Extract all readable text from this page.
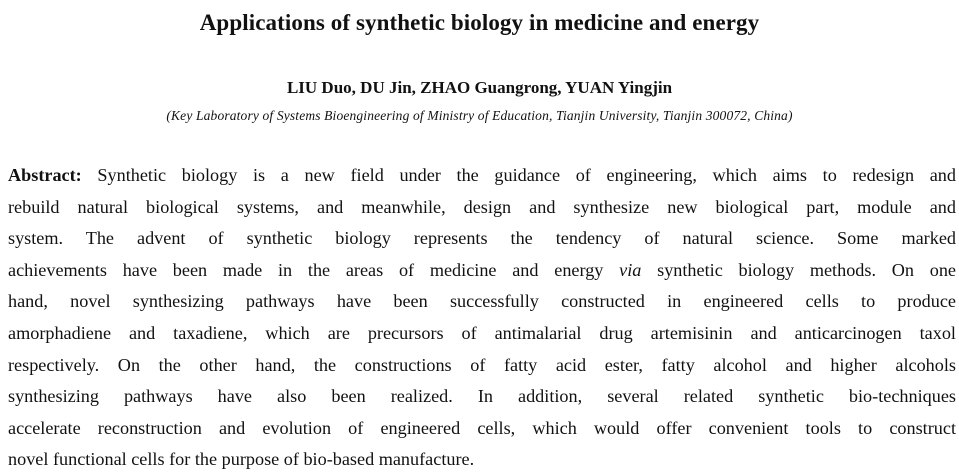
Applications of synthetic biology in medicine and energy

LIU Duo, DU Jin, ZHAO Guangrong, YUAN Yingjin

(Key Laboratory of Systems Bioengineering of Ministry of Education, Tianjin University, Tianjin 300072, China)

Abstract: Synthetic biology is a new field under the guidance of engineering, which aims to redesign and
rebuild natural biological systems, and meanwhile, design and synthesize new biological part, module and
system. The advent of synthetic biology represents the tendency of natural science. Some marked
achievements have been made in the areas of medicine and energy via synthetic biology methods. On one
hand, novel synthesizing pathways have been successfully constructed in engineered cells to produce
amorphadiene and taxadiene, which are precursors of antimalarial drug artemisinin and anticarcinogen taxol
respectively. On the other hand, the constructions of fatty acid ester, fatty alcohol and higher alcohols
synthesizing pathways have also been realized. In addition, several related synthetic bio-techniques
accelerate reconstruction and evolution of engineered cells, which would offer convenient tools to construct
novel functional cells for the purpose of bio-based manufacture.
